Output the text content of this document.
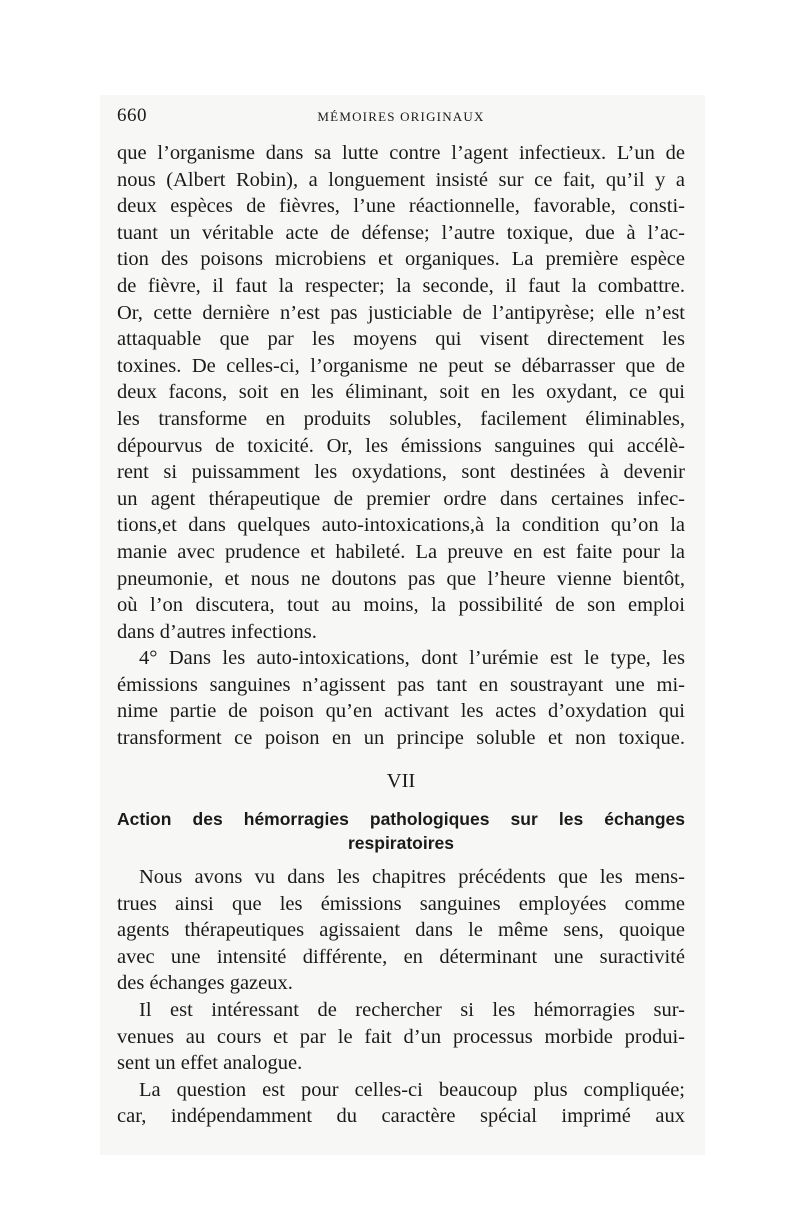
660	MÉMOIRES ORIGINAUX
que l’organisme dans sa lutte contre l’agent infectieux. L’un de
nous (Albert Robin), a longuement insisté sur ce fait, qu’il y a
deux espèces de fièvres, l’une réactionnelle, favorable, consti-
tuant un véritable acte de défense; l’autre toxique, due à l’ac-
tion des poisons microbiens et organiques. La première espèce
de fièvre, il faut la respecter; la seconde, il faut la combattre.
Or, cette dernière n’est pas justiciable de l’antipyrèse; elle n’est
attaquable que par les moyens qui visent directement les
toxines. De celles-ci, l’organisme ne peut se débarrasser que de
deux facons, soit en les éliminant, soit en les oxydant, ce qui
les transforme en produits solubles, facilement éliminables,
dépourvus de toxicité. Or, les émissions sanguines qui accélè-
rent si puissamment les oxydations, sont destinées à devenir
un agent thérapeutique de premier ordre dans certaines infec-
tions,et dans quelques auto-intoxications,à la condition qu’on la
manie avec prudence et habileté. La preuve en est faite pour la
pneumonie, et nous ne doutons pas que l’heure vienne bientôt,
où l’on discutera, tout au moins, la possibilité de son emploi
dans d’autres infections.
4° Dans les auto-intoxications, dont l’urémie est le type, les
émissions sanguines n’agissent pas tant en soustrayant une mi-
nime partie de poison qu’en activant les actes d’oxydation qui
transforment ce poison en un principe soluble et non toxique.
VII
Action des hémorragies pathologiques sur les échanges
respiratoires
Nous avons vu dans les chapitres précédents que les mens-
trues ainsi que les émissions sanguines employées comme
agents thérapeutiques agissaient dans le même sens, quoique
avec une intensité différente, en déterminant une suractivité
des échanges gazeux.
Il est intéressant de rechercher si les hémorragies sur-
venues au cours et par le fait d’un processus morbide produi-
sent un effet analogue.
La question est pour celles-ci beaucoup plus compliquée;
car, indépendamment du caractère spécial imprimé aux
